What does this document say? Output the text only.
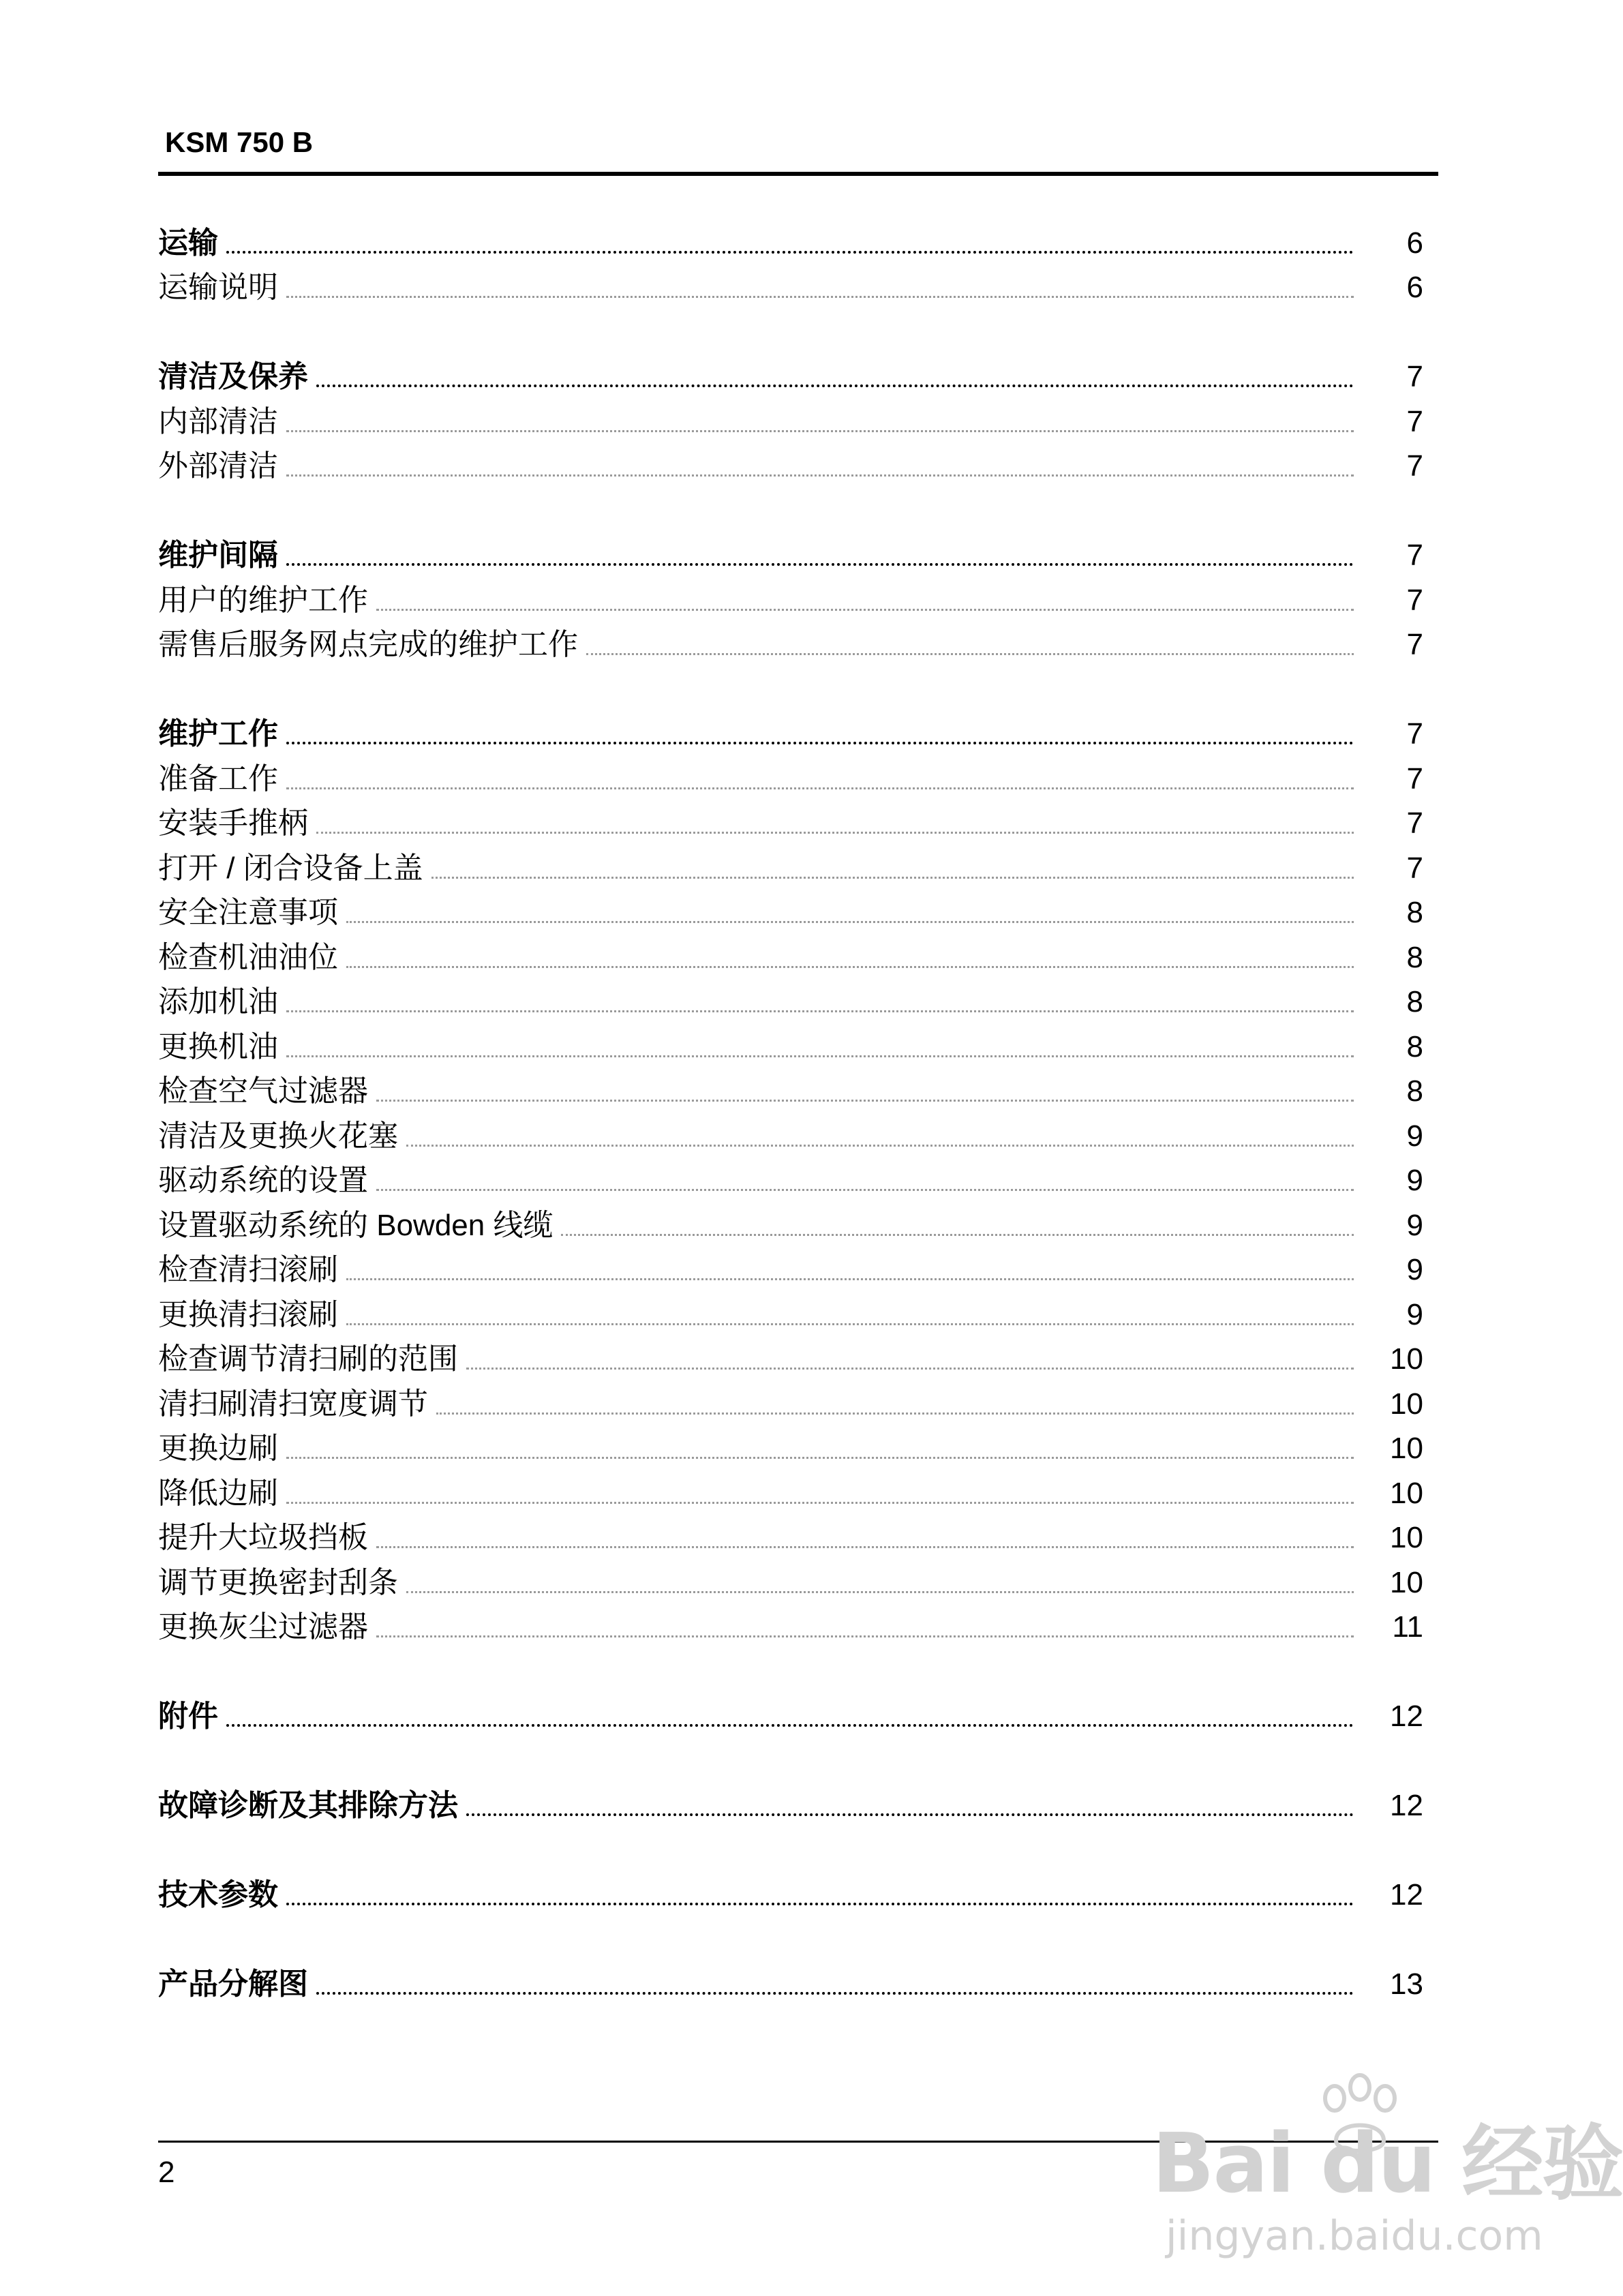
KSM 750 B
运输	6
运输说明	6
清洁及保养	7
内部清洁	7
外部清洁	7
维护间隔	7
用户的维护工作	7
需售后服务网点完成的维护工作	7
维护工作	7
准备工作	7
安装手推柄	7
打开 / 闭合设备上盖	7
安全注意事项	8
检查机油油位	8
添加机油	8
更换机油	8
检查空气过滤器	8
清洁及更换火花塞	9
驱动系统的设置	9
设置驱动系统的 Bowden 线缆	9
检查清扫滚刷	9
更换清扫滚刷	9
检查调节清扫刷的范围	10
清扫刷清扫宽度调节	10
更换边刷	10
降低边刷	10
提升大垃圾挡板	10
调节更换密封刮条	10
更换灰尘过滤器	11
附件	12
故障诊断及其排除方法	12
技术参数	12
产品分解图	13
2	Bai du 经验
jingyan.baidu.com
